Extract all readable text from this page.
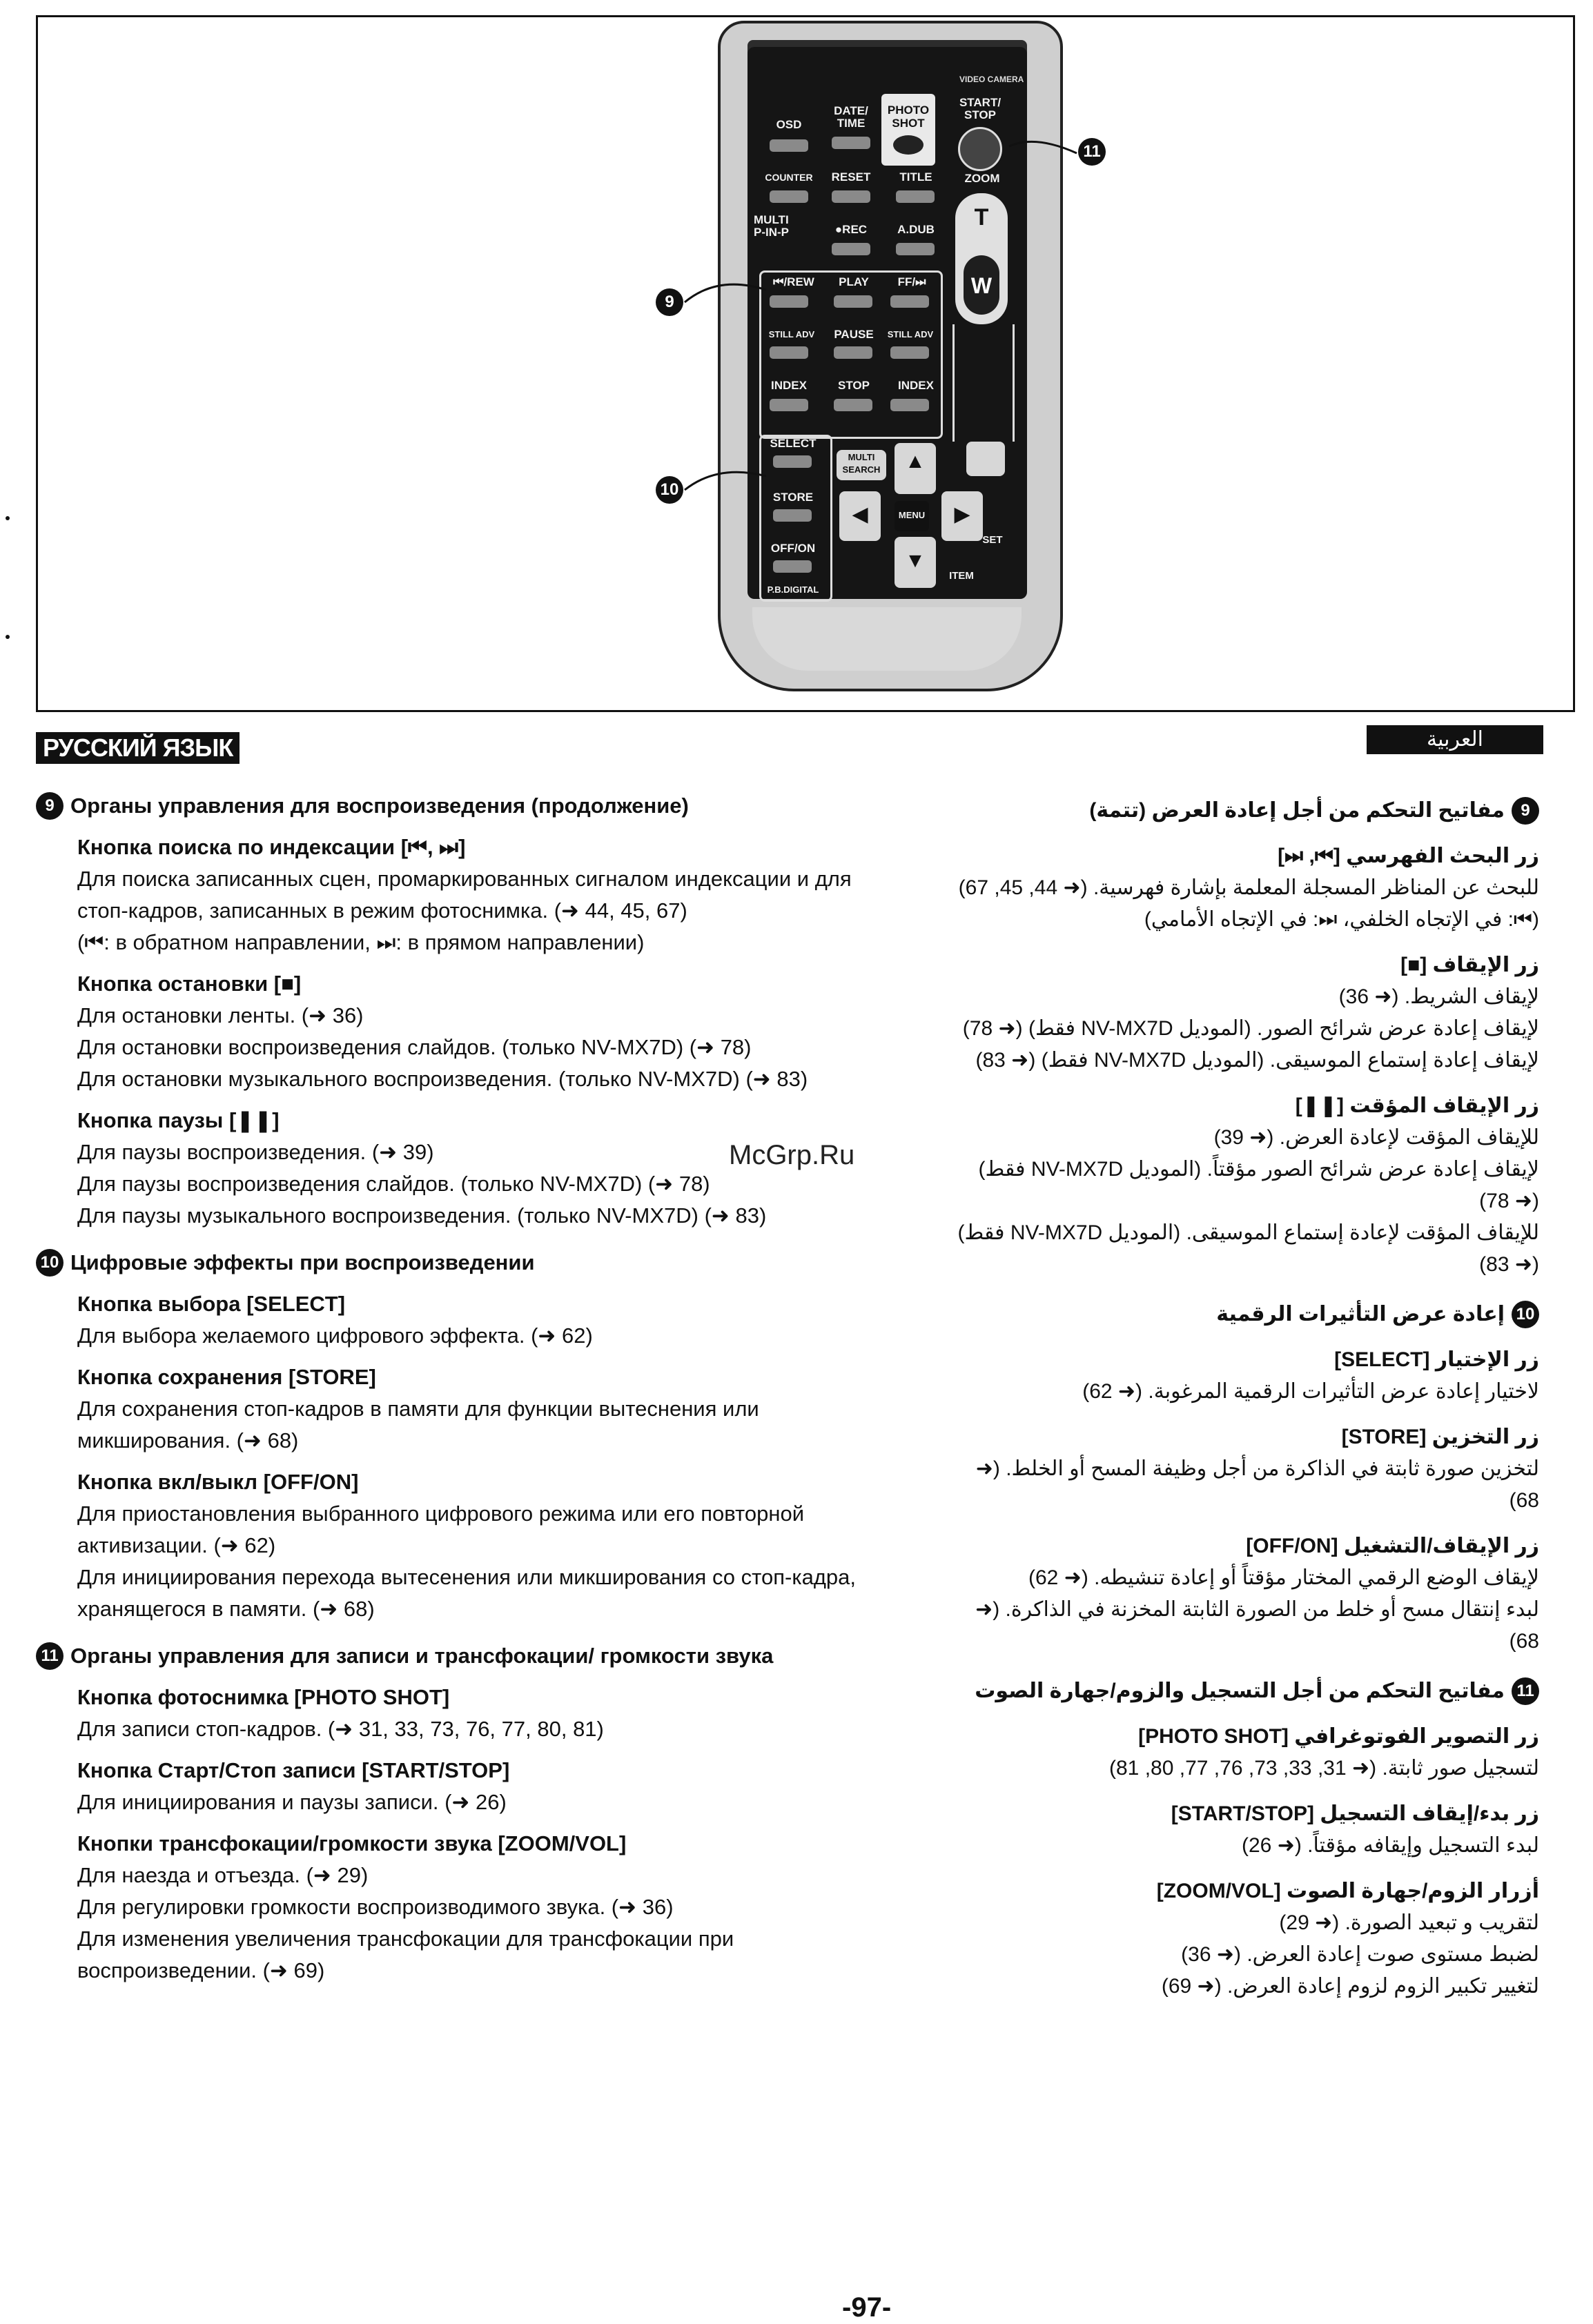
VIDEO CAMERA
OSD
DATE/
TIME
PHOTO
SHOT
START/
STOP
COUNTER	RESET	TITLE	ZOOM
T
W
MULTI
P-IN-P	●REC	A.DUB
⏮/REW	PLAY	FF/⏭
STILL ADV	PAUSE	STILL ADV
INDEX	STOP	INDEX
SELECT
STORE
OFF/ON
P.B.DIGITAL
MULTI
SEARCH	▲
◀	MENU	▶
▼
SET
ITEM
11
9
10
РУССКИЙ ЯЗЫК	العربية
McGrp.Ru
9 Органы управления для воспроизведения (продолжение)
Кнопка поиска по индексации [⏮, ⏭]

Для поиска записанных сцен, промаркированных сигналом индексации и для стоп-кадров, записанных в режим фотоснимка. (➜ 44, 45, 67)

(⏮: в обратном направлении, ⏭: в прямом направлении)

Кнопка остановки [■]

Для остановки ленты. (➜ 36)

Для остановки воспроизведения слайдов. (только NV-MX7D) (➜ 78)

Для остановки музыкального воспроизведения. (только NV-MX7D) (➜ 83)

Кнопка паузы [❚❚]

Для паузы воспроизведения. (➜ 39)

Для паузы воспроизведения слайдов. (только NV-MX7D) (➜ 78)

Для паузы музыкального воспроизведения. (только NV-MX7D) (➜ 83)

10 Цифровые эффекты при воспроизведении
Кнопка выбора [SELECT]

Для выбора желаемого цифрового эффекта. (➜ 62)

Кнопка сохранения [STORE]

Для сохранения стоп-кадров в памяти для функции вытеснения или микширования. (➜ 68)

Кнопка вкл/выкл [OFF/ON]

Для приостановления выбранного цифрового режима или его повторной активизации. (➜ 62)

Для инициирования перехода вытесенения или микширования со стоп-кадра, хранящегося в памяти. (➜ 68)

11 Органы управления для записи и трансфокации/ громкости звука
Кнопка фотоснимка [PHOTO SHOT]

Для записи стоп-кадров. (➜ 31, 33, 73, 76, 77, 80, 81)

Кнопка Старт/Стоп записи [START/STOP]

Для инициирования и паузы записи. (➜ 26)

Кнопки трансфокации/громкости звука [ZOOM/VOL]

Для наезда и отъезда. (➜ 29)

Для регулировки громкости воспроизводимого звука. (➜ 36)

Для изменения увеличения трансфокации для трансфокации при воспроизведении. (➜ 69)

9
مفاتيح التحكم من أجل إعادة العرض (تتمة)
زر البحث الفهرسي [⏮, ⏭]

للبحث عن المناظر المسجلة المعلمة بإشارة فهرسية. (➜ 44, 45, 67)

(⏮: في الإتجاه الخلفي، ⏭: في الإتجاه الأمامي)

زر الإيقاف [■]

لإيقاف الشريط. (➜ 36)

لإيقاف إعادة عرض شرائح الصور. (الموديل NV-MX7D فقط) (➜ 78)

لإيقاف إعادة إستماع الموسيقى. (الموديل NV-MX7D فقط) (➜ 83)

زر الإيقاف المؤقت [❚❚]

للإيقاف المؤقت لإعادة العرض. (➜ 39)

لإيقاف إعادة عرض شرائح الصور مؤقتاً. (الموديل NV-MX7D فقط) (➜ 78)

للإيقاف المؤقت لإعادة إستماع الموسيقى. (الموديل NV-MX7D فقط) (➜ 83)

10
إعادة عرض التأثيرات الرقمية
زر الإختيار [SELECT]

لاختيار إعادة عرض التأثيرات الرقمية المرغوبة. (➜ 62)

زر التخزين [STORE]

لتخزين صورة ثابتة في الذاكرة من أجل وظيفة المسح أو الخلط. (➜ 68)

زر الإيقاف/التشغيل [OFF/ON]

لإيقاف الوضع الرقمي المختار مؤقتاً أو إعادة تنشيطه. (➜ 62)

لبدء إنتقال مسح أو خلط من الصورة الثابتة المخزنة في الذاكرة. (➜ 68)

11
مفاتيح التحكم من أجل التسجيل والزوم/جهارة الصوت
زر التصوير الفوتوغرافي [PHOTO SHOT]

لتسجيل صور ثابتة. (➜ 31, 33, 73, 76, 77, 80, 81)

زر بدء/إيقاف التسجيل [START/STOP]

لبدء التسجيل وإيقافه مؤقتاً. (➜ 26)

أزرار الزوم/جهارة الصوت [ZOOM/VOL]

لتقريب و تبعيد الصورة. (➜ 29)

لضبط مستوى صوت إعادة العرض. (➜ 36)

لتغيير تكبير الزوم لزوم إعادة العرض. (➜ 69)

-97-
